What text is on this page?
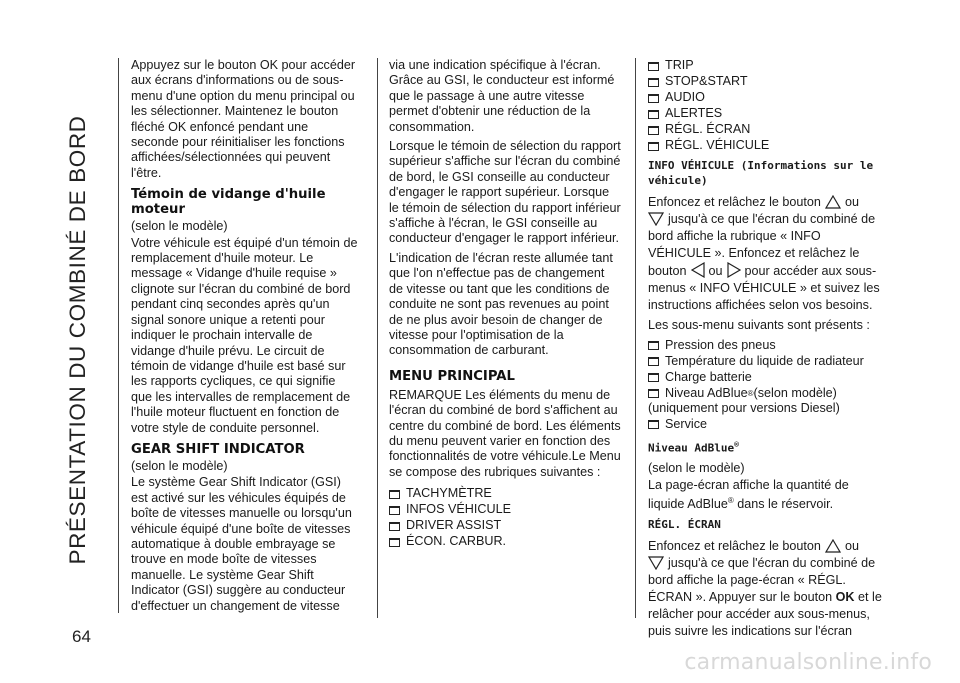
PRÉSENTATION DU COMBINÉ DE BORD
64

Appuyez sur le bouton OK pour accéder aux écrans d'informations ou de sous-menu d'une option du menu principal ou les sélectionner. Maintenez le bouton fléché OK enfoncé pendant une seconde pour réinitialiser les fonctions affichées/sélectionnées qui peuvent l'être.

Témoin de vidange d'huile moteur

(selon le modèle)

Votre véhicule est équipé d'un témoin de remplacement d'huile moteur. Le message « Vidange d'huile requise » clignote sur l'écran du combiné de bord pendant cinq secondes après qu'un signal sonore unique a retenti pour indiquer le prochain intervalle de vidange d'huile prévu. Le circuit de témoin de vidange d'huile est basé sur les rapports cycliques, ce qui signifie que les intervalles de remplacement de l'huile moteur fluctuent en fonction de votre style de conduite personnel.

GEAR SHIFT INDICATOR

(selon le modèle)

Le système Gear Shift Indicator (GSI) est activé sur les véhicules équipés de boîte de vitesses manuelle ou lorsqu'un véhicule équipé d'une boîte de vitesses automatique à double embrayage se trouve en mode boîte de vitesses manuelle. Le système Gear Shift Indicator (GSI) suggère au conducteur d'effectuer un changement de vitesse

via une indication spécifique à l'écran. Grâce au GSI, le conducteur est informé que le passage à une autre vitesse permet d'obtenir une réduction de la consommation.

Lorsque le témoin de sélection du rapport supérieur s'affiche sur l'écran du combiné de bord, le GSI conseille au conducteur d'engager le rapport supérieur. Lorsque le témoin de sélection du rapport inférieur s'affiche à l'écran, le GSI conseille au conducteur d'engager le rapport inférieur.

L'indication de l'écran reste allumée tant que l'on n'effectue pas de changement de vitesse ou tant que les conditions de conduite ne sont pas revenues au point de ne plus avoir besoin de changer de vitesse pour l'optimisation de la consommation de carburant.

MENU PRINCIPAL

REMARQUE Les éléments du menu de l'écran du combiné de bord s'affichent au centre du combiné de bord. Les éléments du menu peuvent varier en fonction des fonctionnalités de votre véhicule.Le Menu se compose des rubriques suivantes :

TACHYMÈTRE
INFOS VÉHICULE
DRIVER ASSIST
ÉCON. CARBUR.
TRIP
STOP&START
AUDIO
ALERTES
RÉGL. ÉCRAN
RÉGL. VÉHICULE
INFO VÉHICULE (Informations sur le véhicule)

Enfoncez et relâchez le bouton ou
jusqu'à ce que l'écran du combiné de bord affiche la rubrique « INFO VÉHICULE ». Enfoncez et relâchez le bouton ou pour accéder aux sous-menus « INFO VÉHICULE » et suivez les instructions affichées selon vos besoins.

Les sous-menu suivants sont présents :

Pression des pneus
Température du liquide de radiateur
Charge batterie
Niveau AdBlue ® (selon modèle)

(uniquement pour versions Diesel)

Service
Niveau AdBlue®

(selon le modèle)

La page-écran affiche la quantité de liquide AdBlue® dans le réservoir.

RÉGL. ÉCRAN

Enfoncez et relâchez le bouton ou
jusqu'à ce que l'écran du combiné de bord affiche la page-écran « RÉGL. ÉCRAN ». Appuyer sur le bouton OK et le relâcher pour accéder aux sous-menus, puis suivre les indications sur l'écran

carmanualsonline.info
